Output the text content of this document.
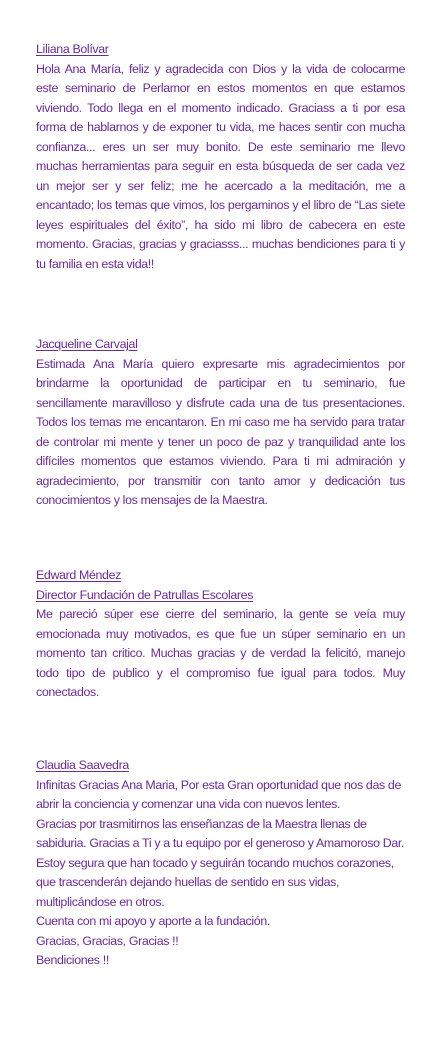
Liliana Bolívar
Hola Ana María, feliz y agradecida con Dios y la vida de colocarme este seminario de Perlamor en estos momentos en que estamos viviendo. Todo llega en el momento indicado. Graciass a ti por esa forma de hablarnos y de exponer tu vida, me haces sentir con mucha confianza... eres un ser muy bonito. De este seminario me llevo muchas herramientas para seguir en esta búsqueda de ser cada vez un mejor ser y ser feliz; me he acercado a la meditación, me a encantado; los temas que vimos, los pergaminos y el libro de “Las siete leyes espirituales del éxito”, ha sido mi libro de cabecera en este momento. Gracias, gracias y graciasss... muchas bendiciones para ti y tu familia en esta vida!!
Jacqueline Carvajal
Estimada Ana María quiero expresarte mis agradecimientos por brindarme la oportunidad de participar en tu seminario, fue sencillamente maravilloso y disfrute cada una de tus presentaciones. Todos los temas me encantaron. En mi caso me ha servido para tratar de controlar mi mente y tener un poco de paz y tranquilidad ante los difíciles momentos que estamos viviendo. Para ti mi admiración y agradecimiento, por transmitir con tanto amor y dedicación tus conocimientos y los mensajes de la Maestra.
Edward Méndez
Director Fundación de Patrullas Escolares
Me pareció súper ese cierre del seminario, la gente se veía muy emocionada muy motivados, es que fue un súper seminario en un momento tan critico. Muchas gracias y de verdad la felicitó, manejo todo tipo de publico y el compromiso fue igual para todos. Muy conectados.
Claudia Saavedra
Infinitas Gracias Ana Maria, Por esta Gran oportunidad que nos das de abrir la conciencia y comenzar una vida con nuevos lentes.
Gracias por trasmitirnos las enseñanzas de la Maestra llenas de sabiduria. Gracias a Ti y a tu equipo por el generoso y Amamoroso Dar.
Estoy segura que han tocado y seguirán tocando muchos corazones, que trascenderán dejando huellas de sentido en sus vidas, multiplicándose en otros.
Cuenta con mi apoyo y aporte a la fundación.
Gracias, Gracias, Gracias !!
Bendiciones !!
